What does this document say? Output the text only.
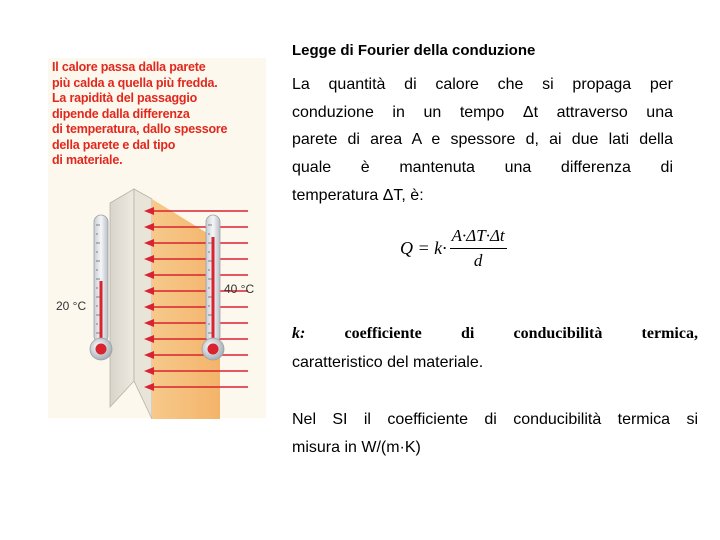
Il calore passa dalla parete
più calda a quella più fredda.
La rapidità del passaggio
dipende dalla differenza
di temperatura, dallo spessore
della parete e dal tipo
di materiale.
20 °C
40 °C
Legge di Fourier della conduzione
La quantità di calore che si propaga per
conduzione in un tempo Δt attraverso una
parete di area A e spessore d, ai due lati della
quale è mantenuta una differenza di
temperatura ΔT, è:
$Q = k\cdot \frac{A\cdot\Delta T\cdot\Delta t}{d}$
k: coefficiente di conducibilità termica,
caratteristico del materiale.
Nel SI il coefficiente di conducibilità termica si
misura in W/(m·K)
